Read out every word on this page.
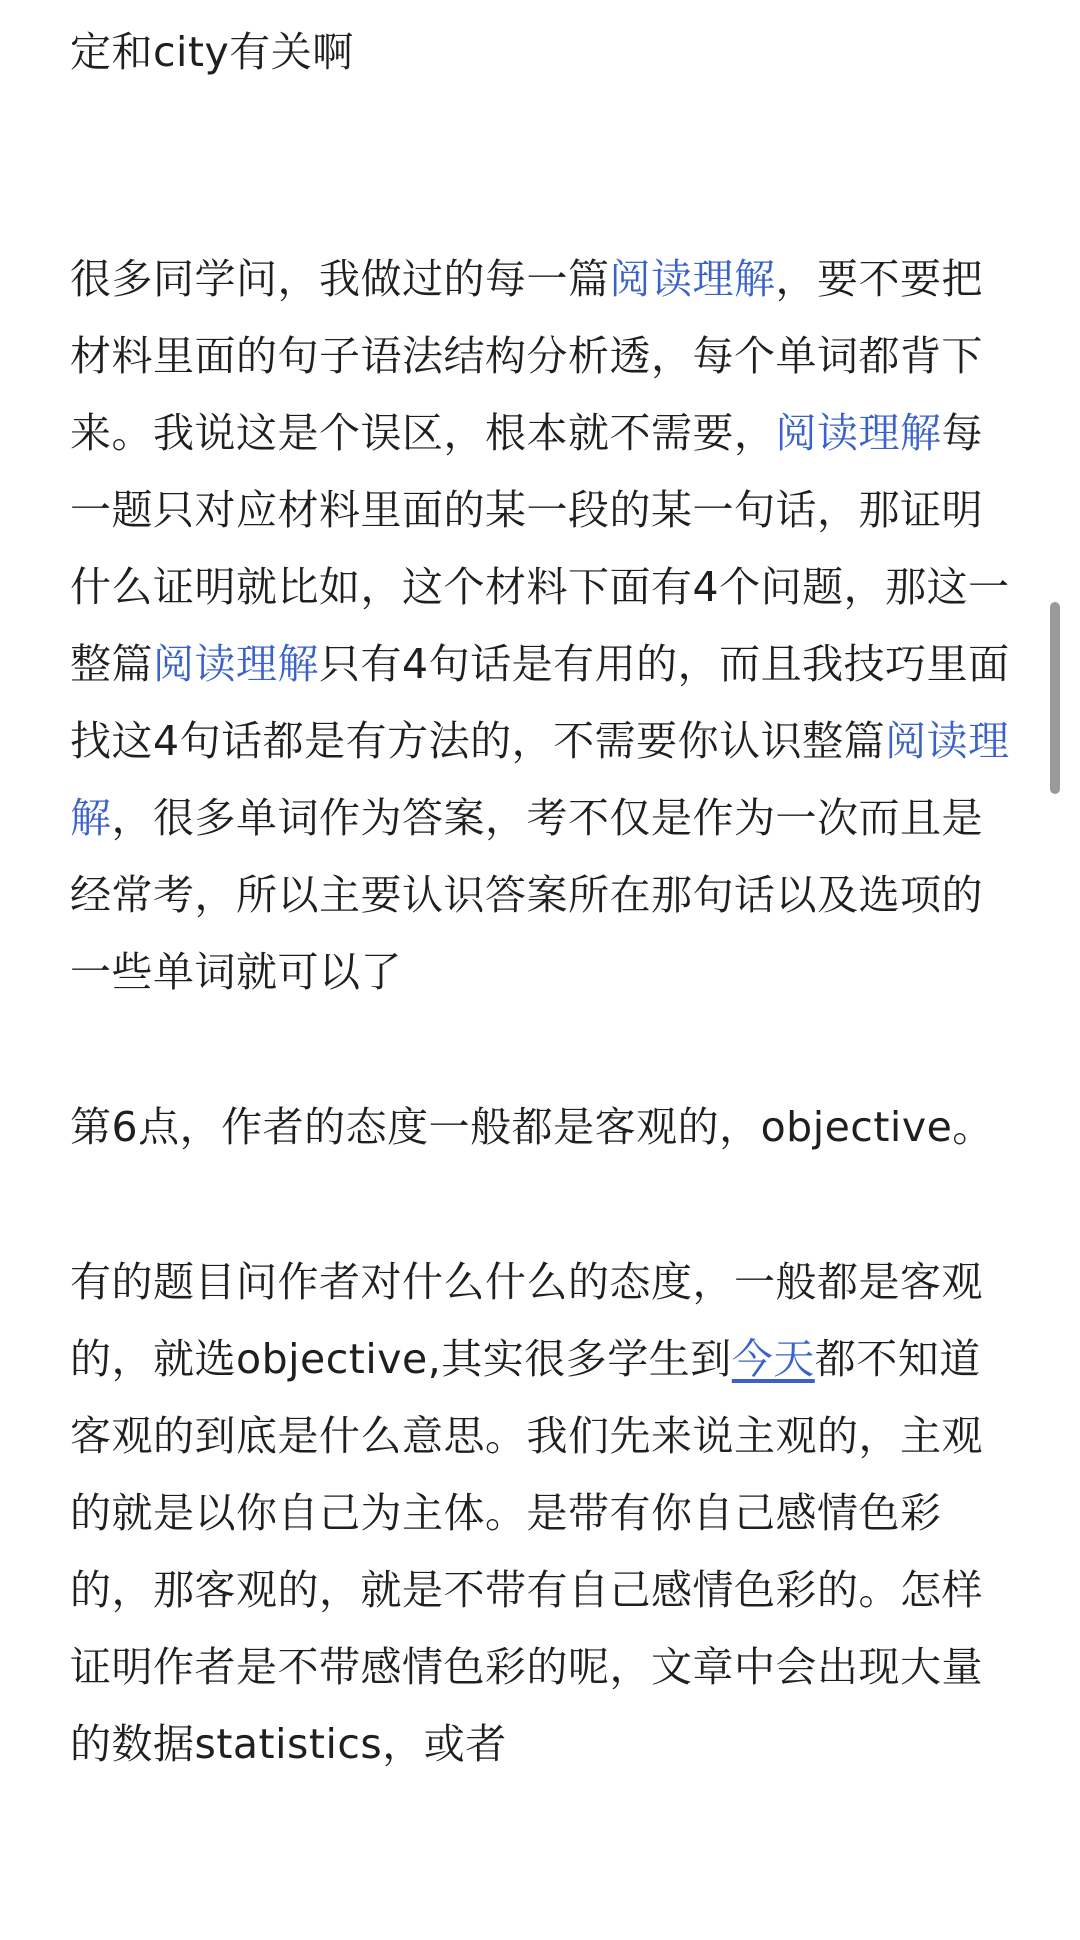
定和city有关啊

很多同学问，我做过的每一篇阅读理解，要不要把材料里面的句子语法结构分析透，每个单词都背下来。我说这是个误区，根本就不需要，阅读理解每一题只对应材料里面的某一段的某一句话，那证明什么证明就比如，这个材料下面有4个问题，那这一整篇阅读理解只有4句话是有用的，而且我技巧里面找这4句话都是有方法的，不需要你认识整篇阅读理解，很多单词作为答案，考不仅是作为一次而且是经常考，所以主要认识答案所在那句话以及选项的一些单词就可以了

第6点，作者的态度一般都是客观的，objective。

有的题目问作者对什么什么的态度，一般都是客观的，就选objective,其实很多学生到今天都不知道客观的到底是什么意思。我们先来说主观的，主观的就是以你自己为主体。是带有你自己感情色彩的，那客观的，就是不带有自己感情色彩的。怎样证明作者是不带感情色彩的呢，文章中会出现大量的数据statistics，或者
